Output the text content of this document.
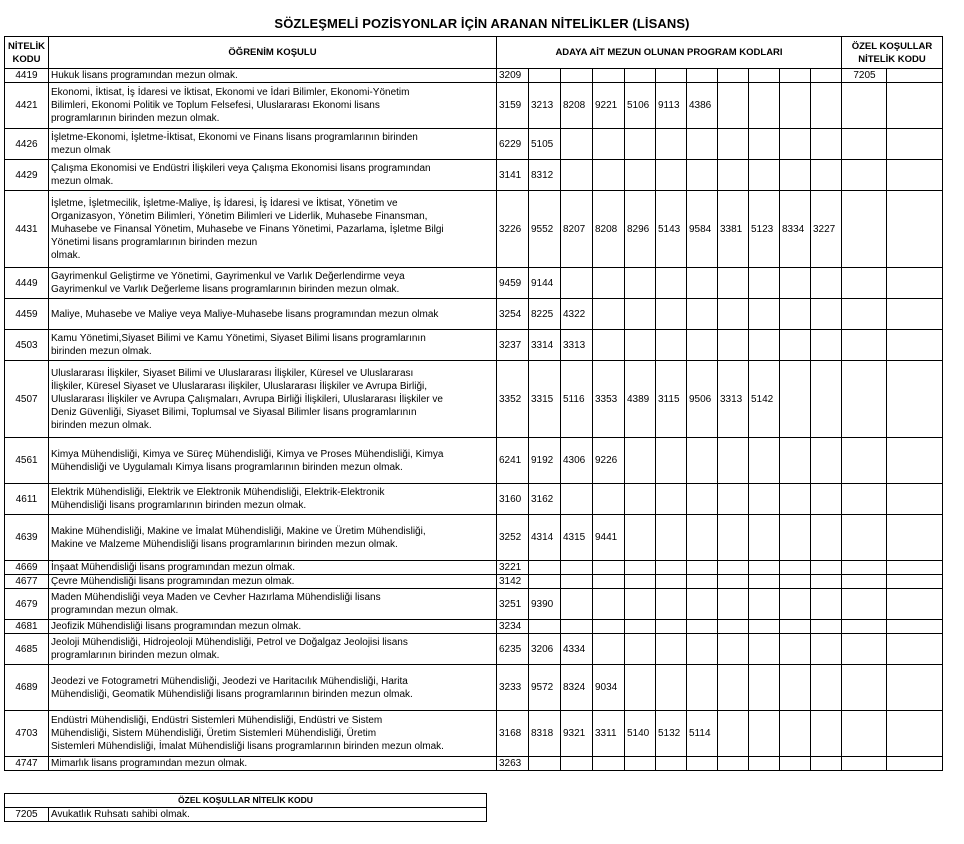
SÖZLEŞMELİ POZİSYONLAR İÇİN ARANAN NİTELİKLER (LİSANS)
NİTELİK
KODU	ÖĞRENİM KOŞULU	ADAYA AİT MEZUN OLUNAN PROGRAM KODLARI											ÖZEL KOŞULLAR
NİTELİK KODU	
4419	Hukuk lisans programından mezun olmak.	3209											7205	
4421	Ekonomi, İktisat, İş İdaresi ve İktisat, Ekonomi ve İdari Bilimler, Ekonomi-Yönetim
Bilimleri, Ekonomi Politik ve Toplum Felsefesi, Uluslararası Ekonomi lisans
programlarının birinden mezun olmak.	3159	3213	8208	9221	5106	9113	4386						
4426	İşletme-Ekonomi, İşletme-İktisat, Ekonomi ve Finans lisans programlarının birinden
mezun olmak	6229	5105											
4429	Çalışma Ekonomisi ve Endüstri İlişkileri veya Çalışma Ekonomisi lisans programından
mezun olmak.	3141	8312											
4431	İşletme, İşletmecilik, İşletme-Maliye, İş İdaresi, İş İdaresi ve İktisat, Yönetim ve
Organizasyon, Yönetim Bilimleri, Yönetim Bilimleri ve Liderlik, Muhasebe Finansman,
Muhasebe ve Finansal Yönetim, Muhasebe ve Finans Yönetimi, Pazarlama, İşletme Bilgi
Yönetimi lisans programlarının birinden mezun
olmak.	3226	9552	8207	8208	8296	5143	9584	3381	5123	8334	3227		
4449	Gayrimenkul Geliştirme ve Yönetimi, Gayrimenkul ve Varlık Değerlendirme veya
Gayrimenkul ve Varlık Değerleme lisans programlarının birinden mezun olmak.	9459	9144											
4459	Maliye, Muhasebe ve Maliye veya Maliye-Muhasebe lisans programından mezun olmak	3254	8225	4322										
4503	Kamu Yönetimi,Siyaset Bilimi ve Kamu Yönetimi, Siyaset Bilimi lisans programlarının
birinden mezun olmak.	3237	3314	3313										
4507	Uluslararası İlişkiler, Siyaset Bilimi ve Uluslararası İlişkiler, Küresel ve Uluslararası
İlişkiler, Küresel Siyaset ve Uluslararası ilişkiler, Uluslararası İlişkiler ve Avrupa Birliği,
Uluslararası İlişkiler ve Avrupa Çalışmaları, Avrupa Birliği İlişkileri, Uluslararası İlişkiler ve
Deniz Güvenliği, Siyaset Bilimi, Toplumsal ve Siyasal Bilimler lisans programlarının
birinden mezun olmak.	3352	3315	5116	3353	4389	3115	9506	3313	5142				
4561	Kimya Mühendisliği, Kimya ve Süreç Mühendisliği, Kimya ve Proses Mühendisliği, Kimya
Mühendisliği ve Uygulamalı Kimya lisans programlarının birinden mezun olmak.	6241	9192	4306	9226									
4611	Elektrik Mühendisliği, Elektrik ve Elektronik Mühendisliği, Elektrik-Elektronik
Mühendisliği lisans programlarının birinden mezun olmak.	3160	3162											
4639	Makine Mühendisliği, Makine ve İmalat Mühendisliği, Makine ve Üretim Mühendisliği,
Makine ve Malzeme Mühendisliği lisans programlarının birinden mezun olmak.	3252	4314	4315	9441									
4669	İnşaat Mühendisliği lisans programından mezun olmak.	3221												
4677	Çevre Mühendisliği lisans programından mezun olmak.	3142												
4679	Maden Mühendisliği veya Maden ve Cevher Hazırlama Mühendisliği lisans
programından mezun olmak.	3251	9390											
4681	Jeofizik Mühendisliği lisans programından mezun olmak.	3234												
4685	Jeoloji Mühendisliği, Hidrojeoloji Mühendisliği, Petrol ve Doğalgaz Jeolojisi lisans
programlarının birinden mezun olmak.	6235	3206	4334										
4689	Jeodezi ve Fotogrametri Mühendisliği, Jeodezi ve Haritacılık Mühendisliği, Harita
Mühendisliği, Geomatik Mühendisliği lisans programlarının birinden mezun olmak.	3233	9572	8324	9034									
4703	Endüstri Mühendisliği, Endüstri Sistemleri Mühendisliği, Endüstri ve Sistem
Mühendisliği, Sistem Mühendisliği, Üretim Sistemleri Mühendisliği, Üretim
Sistemleri Mühendisliği, İmalat Mühendisliği lisans programlarının birinden mezun olmak.	3168	8318	9321	3311	5140	5132	5114						
4747	Mimarlık lisans programından mezun olmak.	3263												
ÖZEL KOŞULLAR NİTELİK KODU
7205	Avukatlık Ruhsatı sahibi olmak.
